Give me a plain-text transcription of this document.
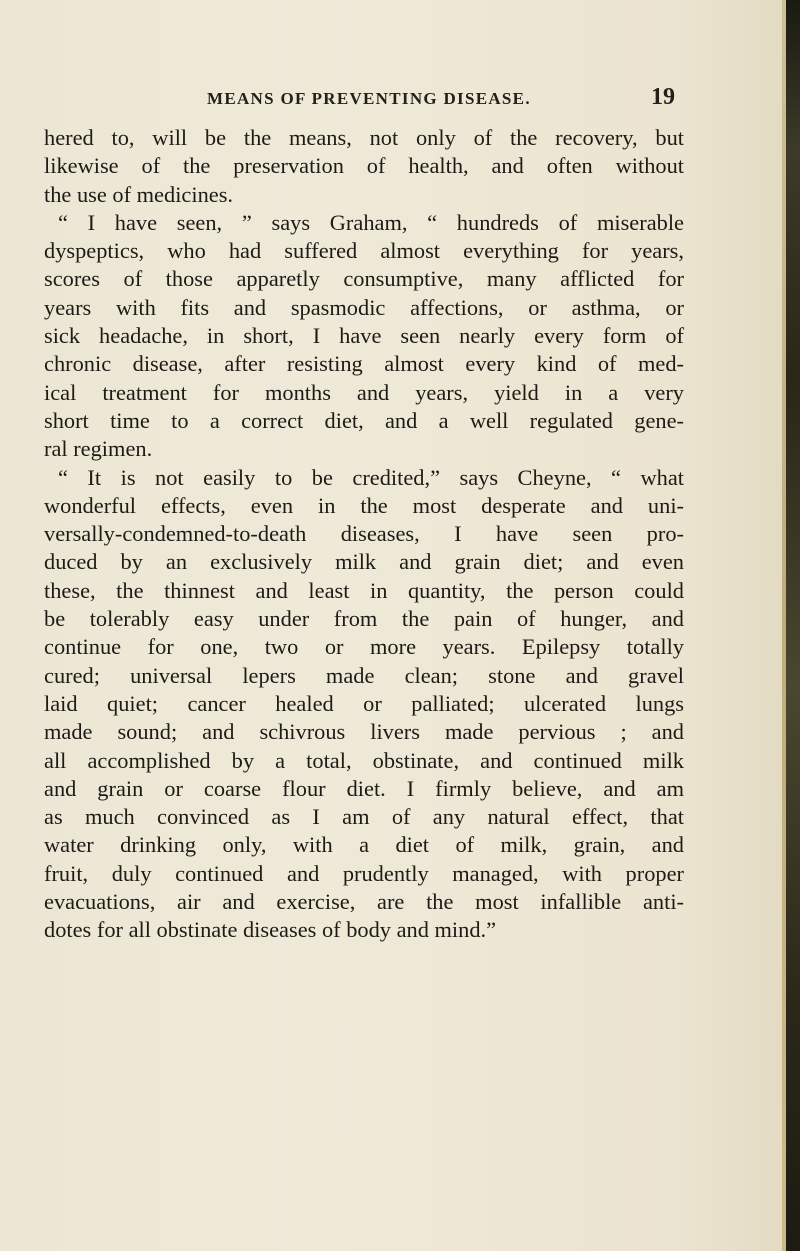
MEANS OF PREVENTING DISEASE.	19
hered to, will be the means, not only of the recovery, but
likewise of the preservation of health, and often without
the use of medicines.
“ I have seen, ” says Graham, “ hundreds of miserable
dyspeptics, who had suffered almost everything for years,
scores of those apparetly consumptive, many afflicted for
years with fits and spasmodic affections, or asthma, or
sick headache, in short, I have seen nearly every form of
chronic disease, after resisting almost every kind of med-
ical treatment for months and years, yield in a very
short time to a correct diet, and a well regulated gene-
ral regimen.
“ It is not easily to be credited,” says Cheyne, “ what
wonderful effects, even in the most desperate and uni-
versally-condemned-to-death diseases, I have seen pro-
duced by an exclusively milk and grain diet; and even
these, the thinnest and least in quantity, the person could
be tolerably easy under from the pain of hunger, and
continue for one, two or more years. Epilepsy totally
cured; universal lepers made clean; stone and gravel
laid quiet; cancer healed or palliated; ulcerated lungs
made sound; and schivrous livers made pervious ; and
all accomplished by a total, obstinate, and continued milk
and grain or coarse flour diet. I firmly believe, and am
as much convinced as I am of any natural effect, that
water drinking only, with a diet of milk, grain, and
fruit, duly continued and prudently managed, with proper
evacuations, air and exercise, are the most infallible anti-
dotes for all obstinate diseases of body and mind.”
